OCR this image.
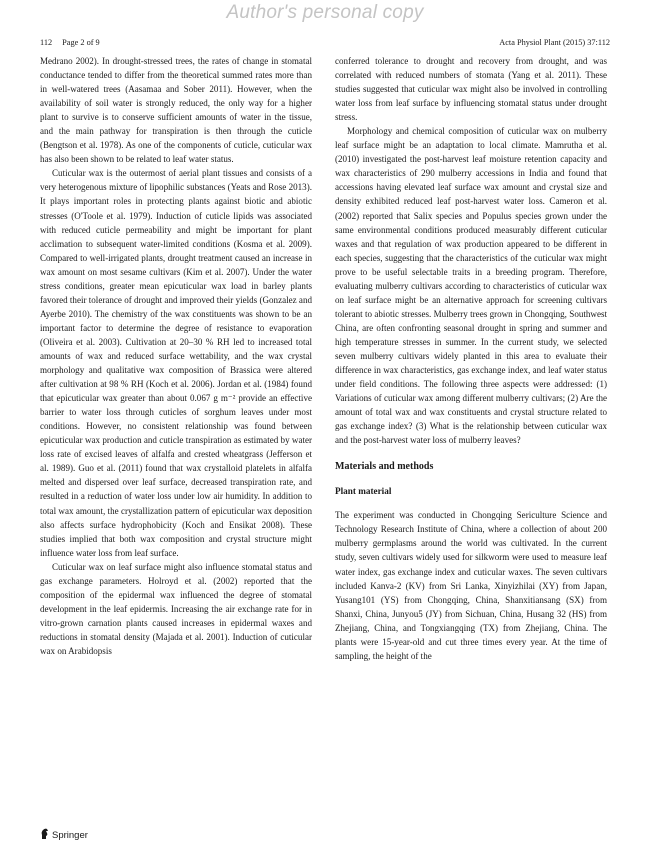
Author's personal copy
112 Page 2 of 9	Acta Physiol Plant (2015) 37:112

Medrano 2002). In drought-stressed trees, the rates of change in stomatal conductance tended to differ from the theoretical summed rates more than in well-watered trees (Aasamaa and Sober 2011). However, when the availability of soil water is strongly reduced, the only way for a higher plant to survive is to conserve sufficient amounts of water in the tissue, and the main pathway for transpiration is then through the cuticle (Bengtson et al. 1978). As one of the components of cuticle, cuticular wax has also been shown to be related to leaf water status.

Cuticular wax is the outermost of aerial plant tissues and consists of a very heterogenous mixture of lipophilic substances (Yeats and Rose 2013). It plays important roles in protecting plants against biotic and abiotic stresses (O'Toole et al. 1979). Induction of cuticle lipids was associated with reduced cuticle permeability and might be important for plant acclimation to subsequent water-limited conditions (Kosma et al. 2009). Compared to well-irrigated plants, drought treatment caused an increase in wax amount on most sesame cultivars (Kim et al. 2007). Under the water stress conditions, greater mean epicuticular wax load in barley plants favored their tolerance of drought and improved their yields (Gonzalez and Ayerbe 2010). The chemistry of the wax constituents was shown to be an important factor to determine the degree of resistance to evaporation (Oliveira et al. 2003). Cultivation at 20–30 % RH led to increased total amounts of wax and reduced surface wettability, and the wax crystal morphology and qualitative wax composition of Brassica were altered after cultivation at 98 % RH (Koch et al. 2006). Jordan et al. (1984) found that epicuticular wax greater than about 0.067 g m⁻² provide an effective barrier to water loss through cuticles of sorghum leaves under most conditions. However, no consistent relationship was found between epicuticular wax production and cuticle transpiration as estimated by water loss rate of excised leaves of alfalfa and crested wheatgrass (Jefferson et al. 1989). Guo et al. (2011) found that wax crystalloid platelets in alfalfa melted and dispersed over leaf surface, decreased transpiration rate, and resulted in a reduction of water loss under low air humidity. In addition to total wax amount, the crystallization pattern of epicuticular wax deposition also affects surface hydrophobicity (Koch and Ensikat 2008). These studies implied that both wax composition and crystal structure might influence water loss from leaf surface.

Cuticular wax on leaf surface might also influence stomatal status and gas exchange parameters. Holroyd et al. (2002) reported that the composition of the epidermal wax influenced the degree of stomatal development in the leaf epidermis. Increasing the air exchange rate for in vitro-grown carnation plants caused increases in epidermal waxes and reductions in stomatal density (Majada et al. 2001). Induction of cuticular wax on Arabidopsis

conferred tolerance to drought and recovery from drought, and was correlated with reduced numbers of stomata (Yang et al. 2011). These studies suggested that cuticular wax might also be involved in controlling water loss from leaf surface by influencing stomatal status under drought stress.

Morphology and chemical composition of cuticular wax on mulberry leaf surface might be an adaptation to local climate. Mamrutha et al. (2010) investigated the post-harvest leaf moisture retention capacity and wax characteristics of 290 mulberry accessions in India and found that accessions having elevated leaf surface wax amount and crystal size and density exhibited reduced leaf post-harvest water loss. Cameron et al. (2002) reported that Salix species and Populus species grown under the same environmental conditions produced measurably different cuticular waxes and that regulation of wax production appeared to be different in each species, suggesting that the characteristics of the cuticular wax might prove to be useful selectable traits in a breeding program. Therefore, evaluating mulberry cultivars according to characteristics of cuticular wax on leaf surface might be an alternative approach for screening cultivars tolerant to abiotic stresses. Mulberry trees grown in Chongqing, Southwest China, are often confronting seasonal drought in spring and summer and high temperature stresses in summer. In the current study, we selected seven mulberry cultivars widely planted in this area to evaluate their difference in wax characteristics, gas exchange index, and leaf water status under field conditions. The following three aspects were addressed: (1) Variations of cuticular wax among different mulberry cultivars; (2) Are the amount of total wax and wax constituents and crystal structure related to gas exchange index? (3) What is the relationship between cuticular wax and the post-harvest water loss of mulberry leaves?

Materials and methods
Plant material

The experiment was conducted in Chongqing Sericulture Science and Technology Research Institute of China, where a collection of about 200 mulberry germplasms around the world was cultivated. In the current study, seven cultivars widely used for silkworm were used to measure leaf water index, gas exchange index and cuticular waxes. The seven cultivars included Kanva-2 (KV) from Sri Lanka, Xinyizhilai (XY) from Japan, Yusang101 (YS) from Chongqing, China, Shanxitiansang (SX) from Shanxi, China, Junyou5 (JY) from Sichuan, China, Husang 32 (HS) from Zhejiang, China, and Tongxiangqing (TX) from Zhejiang, China. The plants were 15-year-old and cut three times every year. At the time of sampling, the height of the

Springer
